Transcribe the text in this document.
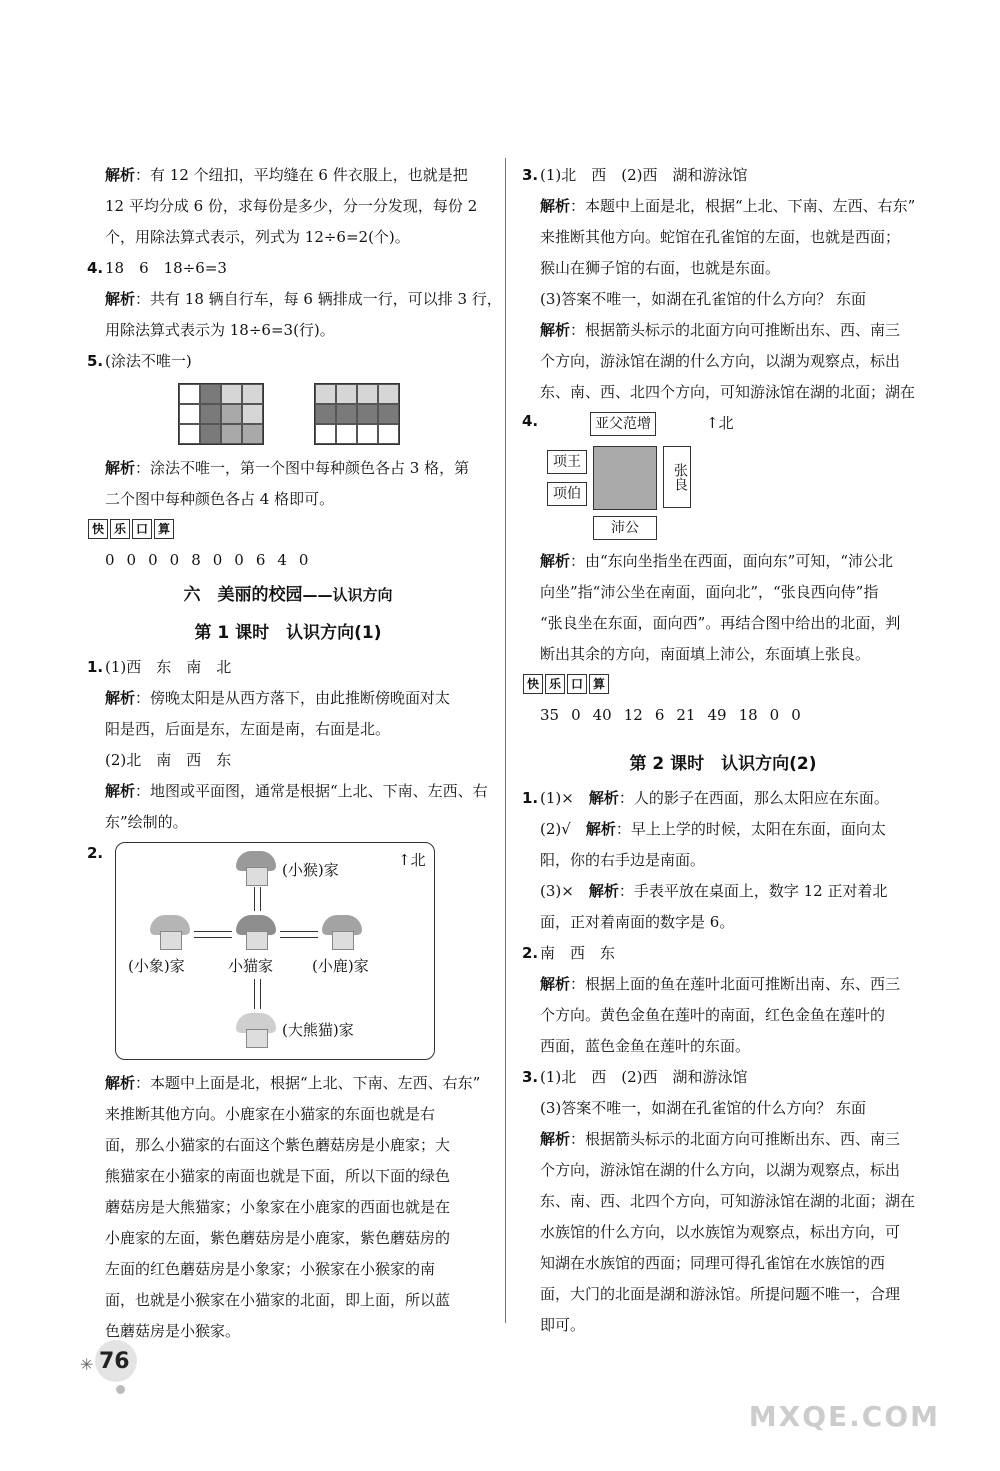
解析：有 12 个纽扣，平均缝在 6 件衣服上，也就是把
12 平均分成 6 份，求每份是多少，分一分发现，每份 2
个，用除法算式表示，列式为 12÷6=2(个)。
4. 18　6　18÷6=3
解析：共有 18 辆自行车，每 6 辆排成一行，可以排 3 行，
用除法算式表示为 18÷6=3(行)。
5. (涂法不唯一)
解析：涂法不唯一，第一个图中每种颜色各占 3 格，第
二个图中每种颜色各占 4 格即可。
快 乐 口 算
0 0 0 0 8 0 0 6 4 0
六　美丽的校园——认识方向
第 1 课时　认识方向(1)
1. (1)西　东　南　北
解析：傍晚太阳是从西方落下，由此推断傍晚面对太
阳是西，后面是东，左面是南，右面是北。
(2)北　南　西　东
解析：地图或平面图，通常是根据“上北、下南、左西、右
东”绘制的。
2.	↑北
(小猴)家
(小象)家	小猫家	(小鹿)家
(大熊猫)家
解析：本题中上面是北，根据“上北、下南、左西、右东”
来推断其他方向。小鹿家在小猫家的东面也就是右
面，那么小猫家的右面这个紫色蘑菇房是小鹿家；大
熊猫家在小猫家的南面也就是下面，所以下面的绿色
蘑菇房是大熊猫家；小象家在小鹿家的西面也就是在
小鹿家的左面，紫色蘑菇房是小鹿家，紫色蘑菇房的
左面的红色蘑菇房是小象家；小猴家在小猴家的南
面，也就是小猴家在小猫家的北面，即上面，所以蓝
色蘑菇房是小猴家。
3. (1)北　西　(2)西　湖和游泳馆
解析：本题中上面是北，根据“上北、下南、左西、右东”
来推断其他方向。蛇馆在孔雀馆的左面，也就是西面；
猴山在狮子馆的右面，也就是东面。
(3)答案不唯一，如湖在孔雀馆的什么方向？ 东面
解析：根据箭头标示的北面方向可推断出东、西、南三
个方向，游泳馆在湖的什么方向，以湖为观察点，标出
东、南、西、北四个方向，可知游泳馆在湖的北面；湖在
4.	亚父范增	↑北
项王
项伯
张良
沛公
解析：由“东向坐指坐在西面，面向东”可知，“沛公北
向坐”指“沛公坐在南面，面向北”，“张良西向侍”指
“张良坐在东面，面向西”。再结合图中给出的北面，判
断出其余的方向，南面填上沛公，东面填上张良。
快 乐 口 算
35 0 40 12 6 21 49 18 0 0
第 2 课时　认识方向(2)
1. (1)×　解析：人的影子在西面，那么太阳应在东面。
(2)√　解析：早上上学的时候，太阳在东面，面向太
阳，你的右手边是南面。
(3)×　解析：手表平放在桌面上，数字 12 正对着北
面，正对着南面的数字是 6。
2. 南　西　东
解析：根据上面的鱼在莲叶北面可推断出南、东、西三
个方向。黄色金鱼在莲叶的南面，红色金鱼在莲叶的
西面，蓝色金鱼在莲叶的东面。
3. (1)北　西　(2)西　湖和游泳馆
(3)答案不唯一，如湖在孔雀馆的什么方向？ 东面
解析：根据箭头标示的北面方向可推断出东、西、南三
个方向，游泳馆在湖的什么方向，以湖为观察点，标出
东、南、西、北四个方向，可知游泳馆在湖的北面；湖在
水族馆的什么方向，以水族馆为观察点，标出方向，可
知湖在水族馆的西面；同理可得孔雀馆在水族馆的西
面，大门的北面是湖和游泳馆。所提问题不唯一，合理
即可。
✳ 76
MXQE.COM
